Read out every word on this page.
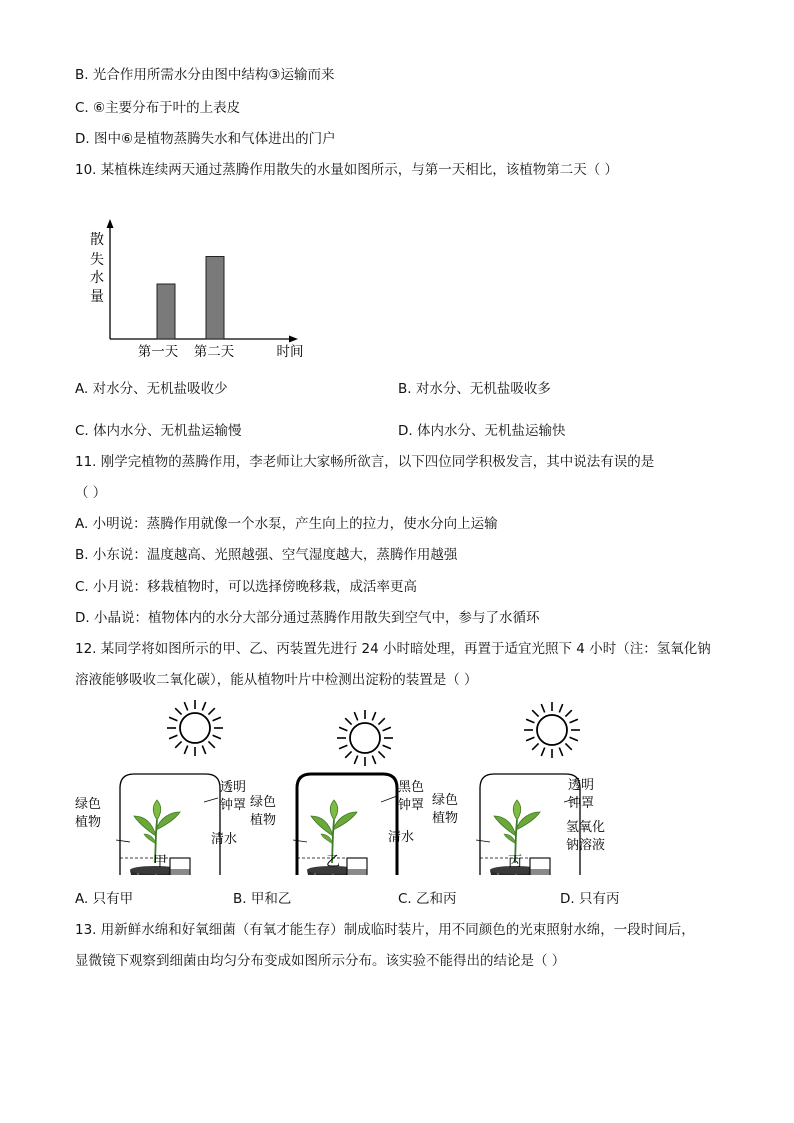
B. 光合作用所需水分由图中结构③运输而来
C. ⑥主要分布于叶的上表皮
D. 图中⑥是植物蒸腾失水和气体进出的门户
10. 某植株连续两天通过蒸腾作用散失的水量如图所示，与第一天相比，该植物第二天（ ）
散
失
水
量
第一天 第二天	时间
A. 对水分、无机盐吸收少	B. 对水分、无机盐吸收多
C. 体内水分、无机盐运输慢	D. 体内水分、无机盐运输快
11. 刚学完植物的蒸腾作用，李老师让大家畅所欲言，以下四位同学积极发言，其中说法有误的是
（ ）
A. 小明说：蒸腾作用就像一个水泵，产生向上的拉力，使水分向上运输
B. 小东说：温度越高、光照越强、空气湿度越大，蒸腾作用越强
C. 小月说：移栽植物时，可以选择傍晚移栽，成活率更高
D. 小晶说：植物体内的水分大部分通过蒸腾作用散失到空气中，参与了水循环
12. 某同学将如图所示的甲、乙、丙装置先进行 24 小时暗处理，再置于适宜光照下 4 小时（注：氢氧化钠
溶液能够吸收二氧化碳），能从植物叶片中检测出淀粉的装置是（ ）
绿色
植物
透明
钟罩
清水
甲
绿色
植物
黑色
钟罩
清水
乙
绿色
植物
透明
钟罩
氢氧化
钠溶液
丙
A. 只有甲	B. 甲和乙	C. 乙和丙	D. 只有丙
13. 用新鲜水绵和好氧细菌（有氧才能生存）制成临时装片，用不同颜色的光束照射水绵，一段时间后，
显微镜下观察到细菌由均匀分布变成如图所示分布。该实验不能得出的结论是（ ）
